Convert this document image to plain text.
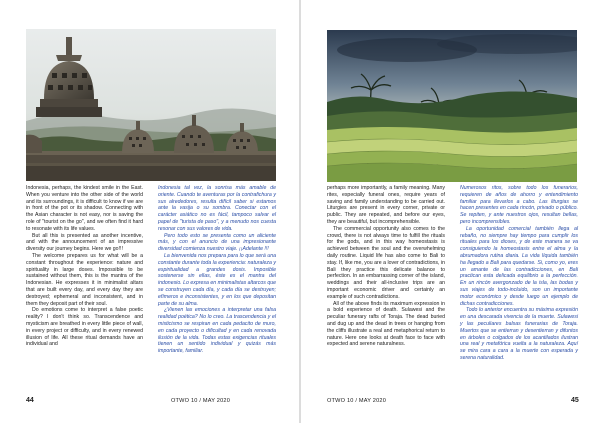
Indonesia, perhaps, the kindest smile in the East. When you venture into the other side of the world and its surroundings, it is difficult to know if we are in front of the pot or its shadow. Connecting with the Asian character is not easy, nor is saving the role of "tourist on the go", and we often find it hard to resonate with its life values.

But all this is presented as another incentive, and with the announcement of an impressive diversity our journey begins. Here we go!!!

The welcome prepares us for what will be a constant throughout the experience: nature and spirituality in large doses. Impossible to be sustained without them, this is the mantra of the Indonesian. He expresses it in minimalist altars that are built every day, and every day they are destroyed; ephemeral and inconsistent, and in them they deposit part of their soul.

Do emotions come to interpret a false poetic reality? I don't think so. Transcendence and mysticism are breathed in every little piece of wall, in every project or difficulty, and in every renewed illusion of life. All these ritual demands have an individual and

Indonesia tal vez, la sonrisa más amable de oriente. Cuando te aventuras por la contrafichura y sus alrededores, resulta difícil saber si estamos ante la vasija o su sombra. Conectar con el carácter asiático no es fácil, tampoco salvar el papel de "turista de paso", y a menudo nos cuesta resonar con sus valores de vida.

Pero todo esto se presenta como un aliciente más, y con el anuncio de una impresionante diversidad comienza nuestro viaje. ¡¡Adelante !!!

La bienvenida nos prepara para lo que será una constante durante toda la experiencia: naturaleza y espiritualidad a grandes dosis. Imposible sostenerse sin ellas, éste es el mantra del indonesio. Lo expresa en minimalistas altarcos que se construyen cada día, y cada día se destruyen; efímeros e inconsistentes, y en los que depositan parte de su alma.

¿Vienen las emociones a interpretar una falsa realidad poética? No lo creo. La trascendencia y el misticismo se respiran en cada pedacito de muro, en cada proyecto o dificultad y en cada renovada ilusión de la vida. Todas estas exigencias rituales tienen un sentido individual y quizás más importante, familiar.

44	OTWO 10 / MAY 2020

perhaps more importantly, a family meaning. Many rites, especially funeral ones, require years of saving and family understanding to be carried out. Liturgies are present in every corner, private or public. They are repeated, and before our eyes, they are beautiful, but incomprehensible.

The commercial opportunity also comes to the crowd, there is not always time to fulfill the rituals for the gods, and in this way homeostasis is achieved between the soul and the overwhelming daily routine. Liquid life has also come to Bali to stay. If, like me, you are a lover of contradictions, in Bali they practice this delicate balance to perfection. In an embarrassing corner of the island, weddings and their all-inclusive trips are an important economic driver and certainly an example of such contradictions.

All of the above finds its maximum expression in a bold experience of death. Sulawesi and the peculiar funerary rafts of Toraja. The dead buried and dug up and the dead in trees or hanging from the cliffs illustrate a real and metaphorical return to nature. Here one looks at death face to face with expected and serene naturalness.

Numerosos ritos, sobre todo los funerarios, requieren de años de ahorro y entendimiento familiar para llevarlos a cabo. Las liturgias se hacen presentes en cada rincón, privado o público. Se repiten, y ante nuestros ojos, resultan bellas, pero incomprensibles.

La oportunidad comercial también llega al rebaño, no siempre hay tiempo para cumplir los rituales para los dioses, y de este manera se va consiguiendo la homeostasis entre el alma y la abrumadora rutina diaria. La vida líquida también ha llegado a Bali para quedarse. Si, como yo, eres un amante de las contradicciones, en Bali practican esta delicada equilibrio a la perfección. En un rincón avergonzado de la isla, las bodas y sus viajes de todo-incluido, son un importante motor económico y desde luego un ejemplo de dichas contradicciones.

Todo lo anterior encuentra su máxima expresión en una descarada vivencia de la muerte. Sulawesi y las peculiares balsas funerarias de Toraja. Muertos que se entierran y desentierran y difuntos en árboles o colgados de los acantilados ilustran una real y metafórica vuelta a la naturaleza. Aquí se mira cara a cara a la muerte con esperada y serena naturalidad.

OTWO 10 / MAY 2020	45
